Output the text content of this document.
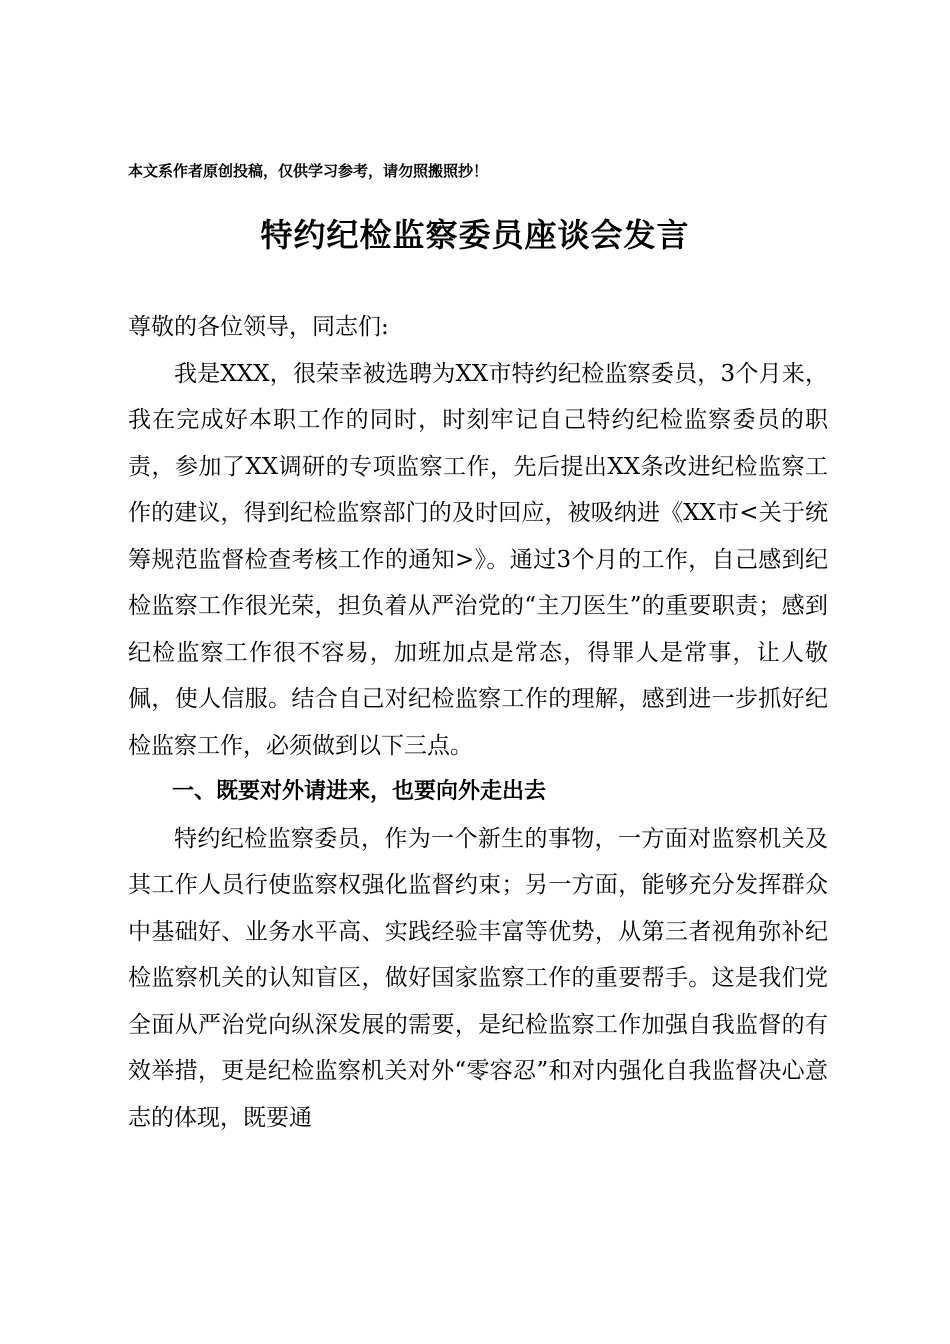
本文系作者原创投稿，仅供学习参考，请勿照搬照抄！
特约纪检监察委员座谈会发言

尊敬的各位领导，同志们:

我是XXX，很荣幸被选聘为XX市特约纪检监察委员，3个月来，我在完成好本职工作的同时，时刻牢记自己特约纪检监察委员的职责，参加了XX调研的专项监察工作，先后提出XX条改进纪检监察工作的建议，得到纪检监察部门的及时回应，被吸纳进《XX市<关于统筹规范监督检查考核工作的通知>》。通过3个月的工作，自己感到纪检监察工作很光荣，担负着从严治党的“主刀医生”的重要职责；感到纪检监察工作很不容易，加班加点是常态，得罪人是常事，让人敬佩，使人信服。结合自己对纪检监察工作的理解，感到进一步抓好纪检监察工作，必须做到以下三点。

一、既要对外请进来，也要向外走出去

特约纪检监察委员，作为一个新生的事物，一方面对监察机关及其工作人员行使监察权强化监督约束；另一方面，能够充分发挥群众中基础好、业务水平高、实践经验丰富等优势，从第三者视角弥补纪检监察机关的认知盲区，做好国家监察工作的重要帮手。这是我们党全面从严治党向纵深发展的需要，是纪检监察工作加强自我监督的有效举措，更是纪检监察机关对外“零容忍”和对内强化自我监督决心意志的体现，既要通
